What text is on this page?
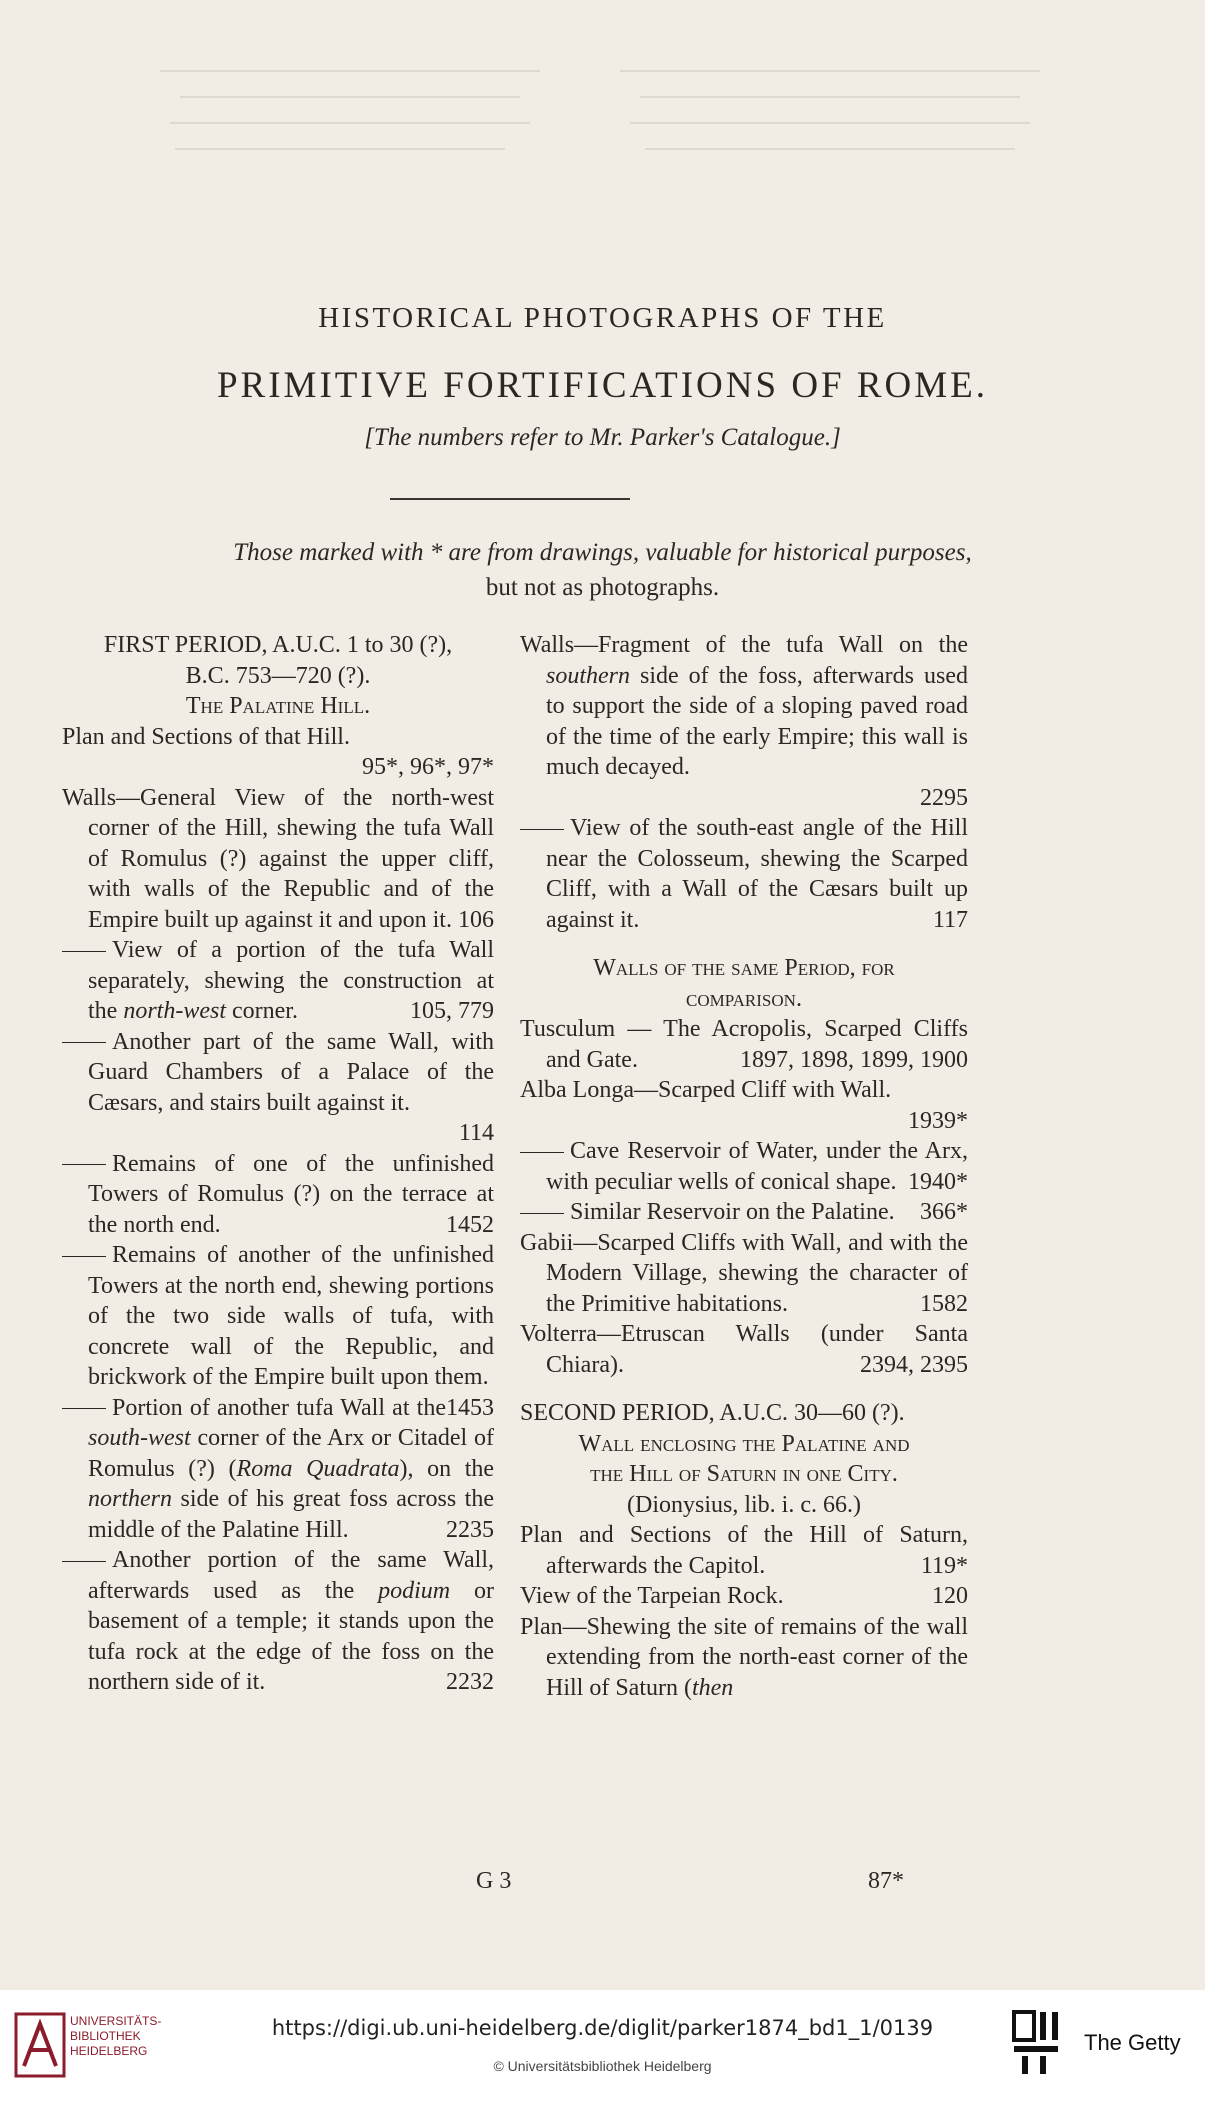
HISTORICAL PHOTOGRAPHS OF THE
PRIMITIVE FORTIFICATIONS OF ROME.
[The numbers refer to Mr. Parker's Catalogue.]
Those marked with * are from drawings, valuable for historical purposes,
but not as photographs.
FIRST PERIOD, A.U.C. 1 to 30 (?),
B.C. 753—720 (?).
The Palatine Hill.
Plan and Sections of that Hill.
95*, 96*, 97*
Walls—General View of the north-west corner of the Hill, shewing the tufa Wall of Romulus (?) against the upper cliff, with walls of the Republic and of the Empire built up against it and upon it. 106
View of a portion of the tufa Wall separately, shewing the construction at the north-west corner.	105, 779
Another part of the same Wall, with Guard Chambers of a Palace of the Cæsars, and stairs built against it.
114
Remains of one of the unfinished Towers of Romulus (?) on the terrace at the north end.	1452
Remains of another of the unfinished Towers at the north end, shewing portions of the two side walls of tufa, with concrete wall of the Republic, and brickwork of the Empire built upon them.
1453
Portion of another tufa Wall at the south-west corner of the Arx or Citadel of Romulus (?) (Roma Quadrata), on the northern side of his great foss across the middle of the Palatine Hill.	2235
Another portion of the same Wall, afterwards used as the podium or basement of a temple; it stands upon the tufa rock at the edge of the foss on the northern side of it.	2232
Walls—Fragment of the tufa Wall on the southern side of the foss, afterwards used to support the side of a sloping paved road of the time of the early Empire; this wall is much decayed.
2295
View of the south-east angle of the Hill near the Colosseum, shewing the Scarped Cliff, with a Wall of the Cæsars built up against it.	117
Walls of the same Period, for
comparison.
Tusculum — The Acropolis, Scarped Cliffs and Gate.	1897, 1898, 1899, 1900
Alba Longa—Scarped Cliff with Wall.
1939*
Cave Reservoir of Water, under the Arx, with peculiar wells of conical shape. 1940*
Similar Reservoir on the Palatine. 366*
Gabii—Scarped Cliffs with Wall, and with the Modern Village, shewing the character of the Primitive habitations.	1582
Volterra—Etruscan Walls (under Santa Chiara).	2394, 2395
SECOND PERIOD, A.U.C. 30—60 (?).
Wall enclosing the Palatine and
the Hill of Saturn in one City.
(Dionysius, lib. i. c. 66.)
Plan and Sections of the Hill of Saturn, afterwards the Capitol.	119*
View of the Tarpeian Rock.	120
Plan—Shewing the site of remains of the wall extending from the north-east corner of the Hill of Saturn (then
G 3	87*
UNIVERSITÄTS-
BIBLIOTHEK
HEIDELBERG
https://digi.ub.uni-heidelberg.de/diglit/parker1874_bd1_1/0139
© Universitätsbibliothek Heidelberg
The Getty
